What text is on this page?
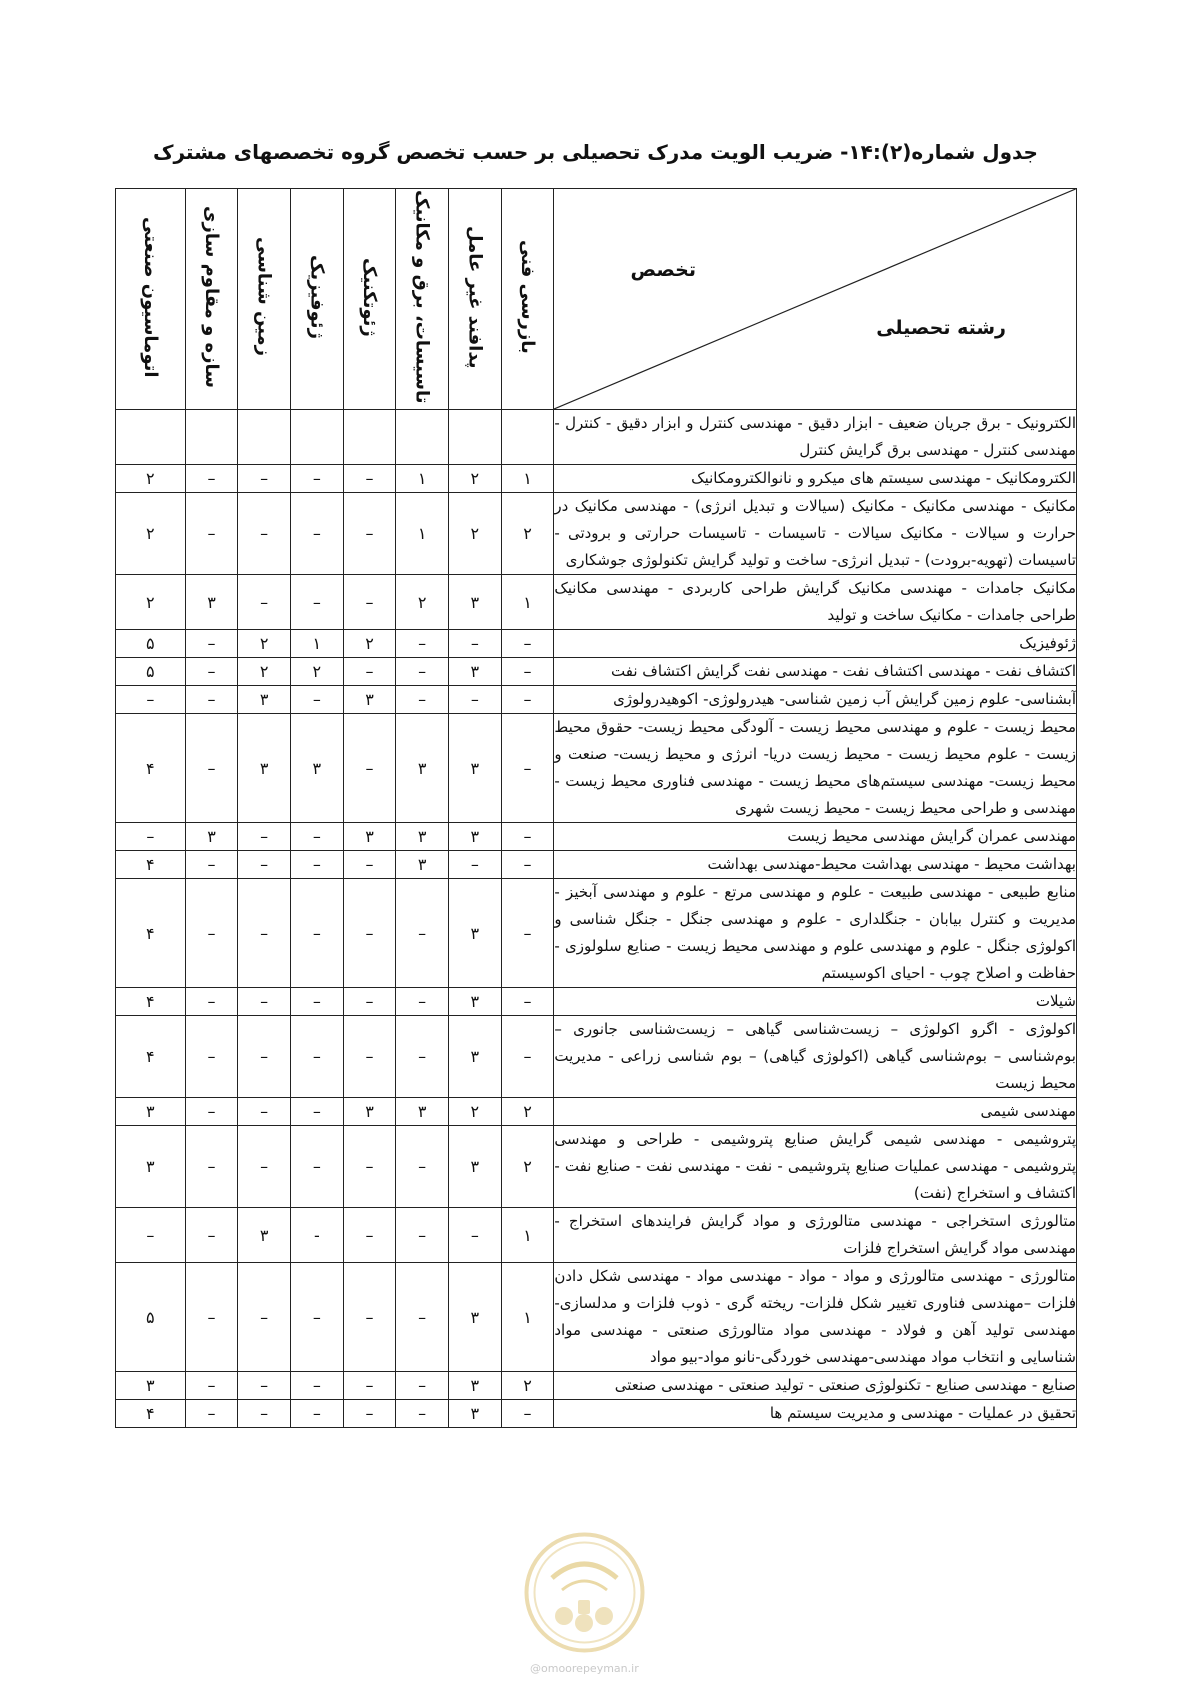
جدول شماره(۲):۱۴- ضریب الویت مدرک تحصیلی بر حسب تخصص گروه تخصصهای مشترک
تخصص
رشته تحصیلی	بازرسی فنی	پدافند غیر عامل	تاسیسات، برق و مکانیک	ژئوتکنیک	ژئوفیزیک	زمین شناسی	سازه و مقاوم سازی	اتوماسیون صنعتی
الکترونیک - برق جریان ضعیف - ابزار دقیق - مهندسی کنترل و ابزار دقیق - کنترل - مهندسی کنترل - مهندسی برق گرایش کنترل								
الکترومکانیک - مهندسی سیستم های میکرو و نانوالکترومکانیک	۱	۲	۱	–	–	–	–	۲
مکانیک - مهندسی مکانیک - مکانیک (سیالات و تبدیل انرژی) - مهندسی مکانیک در حرارت و سیالات - مکانیک سیالات - تاسیسات - تاسیسات حرارتی و برودتی - تاسیسات (تهویه-برودت) - تبدیل انرژی- ساخت و تولید گرایش تکنولوژی جوشکاری	۲	۲	۱	–	–	–	–	۲
مکانیک جامدات - مهندسی مکانیک گرایش طراحی کاربردی - مهندسی مکانیک طراحی جامدات - مکانیک ساخت و تولید	۱	۳	۲	–	–	–	۳	۲
ژئوفیزیک	–	–	–	۲	۱	۲	–	۵
اکتشاف نفت - مهندسی اکتشاف نفت - مهندسی نفت گرایش اکتشاف نفت	–	۳	–	–	۲	۲	–	۵
آبشناسی- علوم زمین گرایش آب زمین شناسی- هیدرولوژی- اکوهیدرولوژی	–	–	–	۳	–	۳	–	–
محیط زیست - علوم و مهندسی محیط زیست - آلودگی محیط زیست- حقوق محیط زیست - علوم محیط زیست - محیط زیست دریا- انرژی و محیط زیست- صنعت و محیط زیست- مهندسی سیستم‌های محیط زیست - مهندسی فناوری محیط زیست - مهندسی و طراحی محیط زیست - محیط زیست شهری	–	۳	۳	–	۳	۳	–	۴
مهندسی عمران گرایش مهندسی محیط زیست	–	۳	۳	۳	–	–	۳	–
بهداشت محیط - مهندسی بهداشت محیط-مهندسی بهداشت	–	–	۳	–	–	–	–	۴
منابع طبیعی - مهندسی طبیعت - علوم و مهندسی مرتع - علوم و مهندسی آبخیز - مدیریت و کنترل بیابان - جنگلداری - علوم و مهندسی جنگل - جنگل شناسی و اکولوژی جنگل - علوم و مهندسی علوم و مهندسی محیط زیست - صنایع سلولوزی - حفاظت و اصلاح چوب - احیای اکوسیستم	–	۳	–	–	–	–	–	۴
شیلات	–	۳	–	–	–	–	–	۴
اکولوژی - اگرو اکولوژی – زیست‌شناسی گیاهی – زیست‌شناسی جانوری – بوم‌شناسی – بوم‌شناسی گیاهی (اکولوژی گیاهی) – بوم شناسی زراعی - مدیریت محیط زیست	–	۳	–	–	–	–	–	۴
مهندسی شیمی	۲	۲	۳	۳	–	–	–	۳
پتروشیمی - مهندسی شیمی گرایش صنایع پتروشیمی - طراحی و مهندسی پتروشیمی - مهندسی عملیات صنایع پتروشیمی - نفت - مهندسی نفت - صنایع نفت - اکتشاف و استخراج (نفت)	۲	۳	–	–	–	–	–	۳
متالورژی استخراجی - مهندسی متالورژی و مواد گرایش فرایندهای استخراج - مهندسی مواد گرایش استخراج فلزات	۱	–	–	–	-	۳	–	–
متالورژی - مهندسی متالورژی و مواد - مواد - مهندسی مواد - مهندسی شکل دادن فلزات –مهندسی فناوری تغییر شکل فلزات- ریخته گری - ذوب فلزات و مدلسازی- مهندسی تولید آهن و فولاد - مهندسی مواد متالورژی صنعتی - مهندسی مواد شناسایی و انتخاب مواد مهندسی-مهندسی خوردگی-نانو مواد-بیو مواد	۱	۳	–	–	–	–	–	۵
صنایع - مهندسی صنایع - تکنولوژی صنعتی - تولید صنعتی - مهندسی صنعتی	۲	۳	–	–	–	–	–	۳
تحقیق در عملیات - مهندسی و مدیریت سیستم ها	–	۳	–	–	–	–	–	۴
@omoorepeyman.ir
